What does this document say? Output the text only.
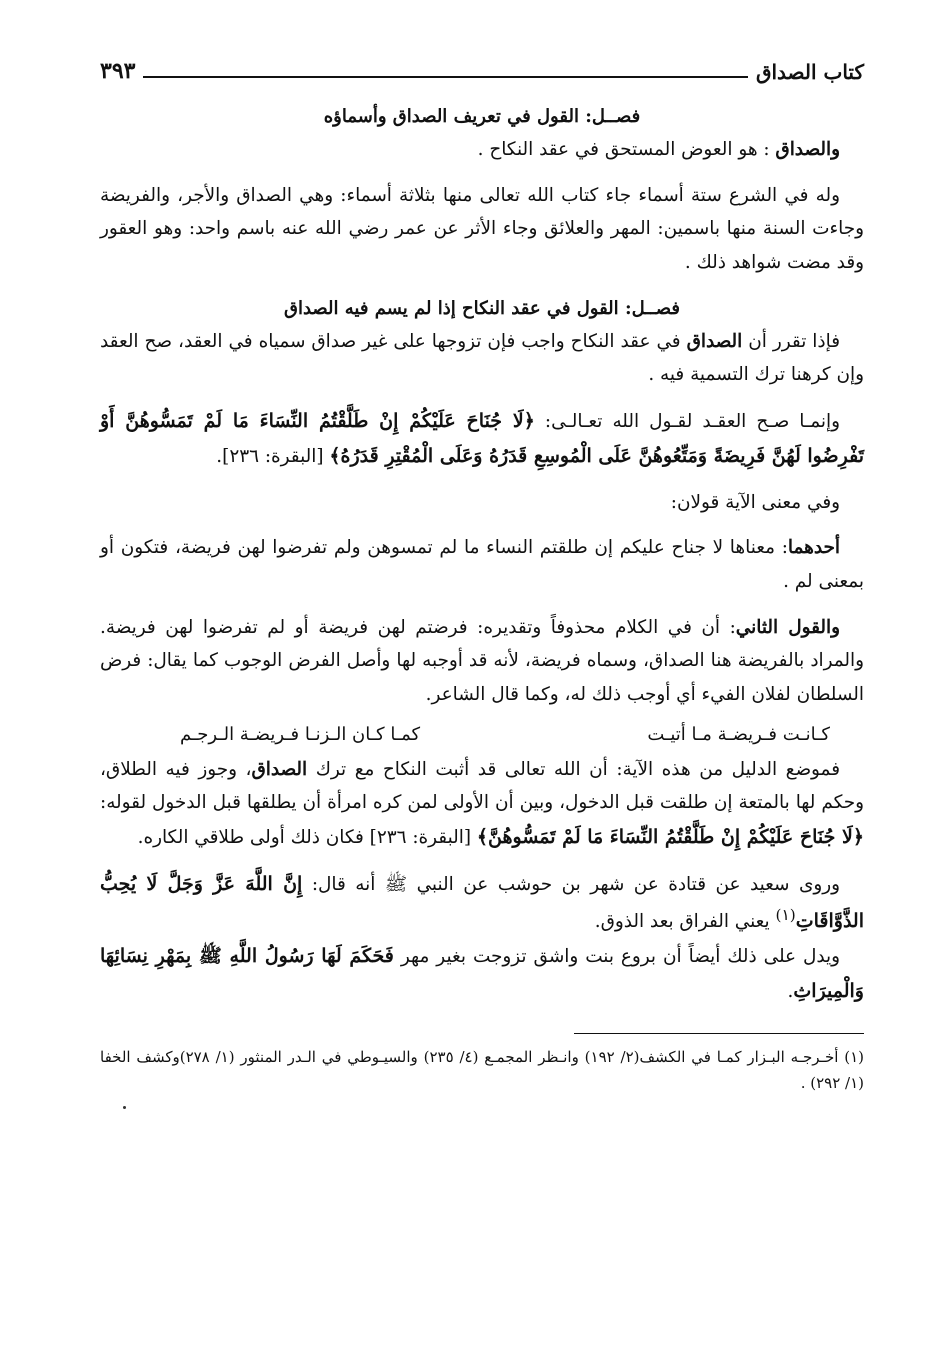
كتاب الصداق
٣٩٣
فصــل: القول في تعريف الصداق وأسماؤه

والصداق : هو العوض المستحق في عقد النكاح .

وله في الشرع ستة أسماء جاء كتاب الله تعالى منها بثلاثة أسماء: وهي الصداق والأجر، والفريضة وجاءت السنة منها باسمين: المهر والعلائق وجاء الأثر عن عمر رضي الله عنه باسم واحد: وهو العقور وقد مضت شواهد ذلك .

فصــل: القول في عقد النكاح إذا لم يسم فيه الصداق

فإذا تقرر أن الصداق في عقد النكاح واجب فإن تزوجها على غير صداق سمياه في العقد، صح العقد وإن كرهنا ترك التسمية فيه .

وإنمـا صـح العقـد لقـول الله تعـالـى: ﴿لَا جُنَاحَ عَلَيْكُمْ إِنْ طَلَّقْتُمُ النِّسَاءَ مَا لَمْ تَمَسُّوهُنَّ أَوْ تَفْرِضُوا لَهُنَّ فَرِيضَةً وَمَتِّعُوهُنَّ عَلَى الْمُوسِعِ قَدَرُهُ وَعَلَى الْمُقْتِرِ قَدَرُهُ﴾ [البقرة: ٢٣٦].

وفي معنى الآية قولان:

أحدهما: معناها لا جناح عليكم إن طلقتم النساء ما لم تمسوهن ولم تفرضوا لهن فريضة، فتكون أو بمعنى لم .

والقول الثاني: أن في الكلام محذوفاً وتقديره: فرضتم لهن فريضة أو لم تفرضوا لهن فريضة. والمراد بالفريضة هنا الصداق، وسماه فريضة، لأنه قد أوجبه لها وأصل الفرض الوجوب كما يقال: فرض السلطان لفلان الفيء أي أوجب ذلك له، وكما قال الشاعر.

كـانـت فـريضـة مـا أتيـت
كمـا كـان الـزنـا فـريضـة الـرجـم

فموضع الدليل من هذه الآية: أن الله تعالى قد أثبت النكاح مع ترك الصداق، وجوز فيه الطلاق، وحكم لها بالمتعة إن طلقت قبل الدخول، وبين أن الأولى لمن كره امرأة أن يطلقها قبل الدخول لقوله: ﴿لَا جُنَاحَ عَلَيْكُمْ إِنْ طَلَّقْتُمُ النِّسَاءَ مَا لَمْ تَمَسُّوهُنَّ﴾ [البقرة: ٢٣٦] فكان ذلك أولى طلاقي الكاره.

وروى سعيد عن قتادة عن شهر بن حوشب عن النبي ﷺ أنه قال: إِنَّ اللَّهَ عَزَّ وَجَلَّ لَا يُحِبُّ الذَّوَّاقَاتِ$^{(١)}$ يعني الفراق بعد الذوق.

ويدل على ذلك أيضاً أن بروع بنت واشق تزوجت بغير مهر فَحَكَمَ لَهَا رَسُولُ اللَّهِ ﷺ بِمَهْرِ نِسَائِهَا وَالْمِيرَاثِ.

(١) أخـرجـه البـزار كمـا في الكشف(٢/ ١٩٢) وانـظر المجمـع (٤/ ٢٣٥) والسيـوطي في الـدر المنثور (١/ ٢٧٨)وكشف الخفا (١/ ٢٩٢) .
